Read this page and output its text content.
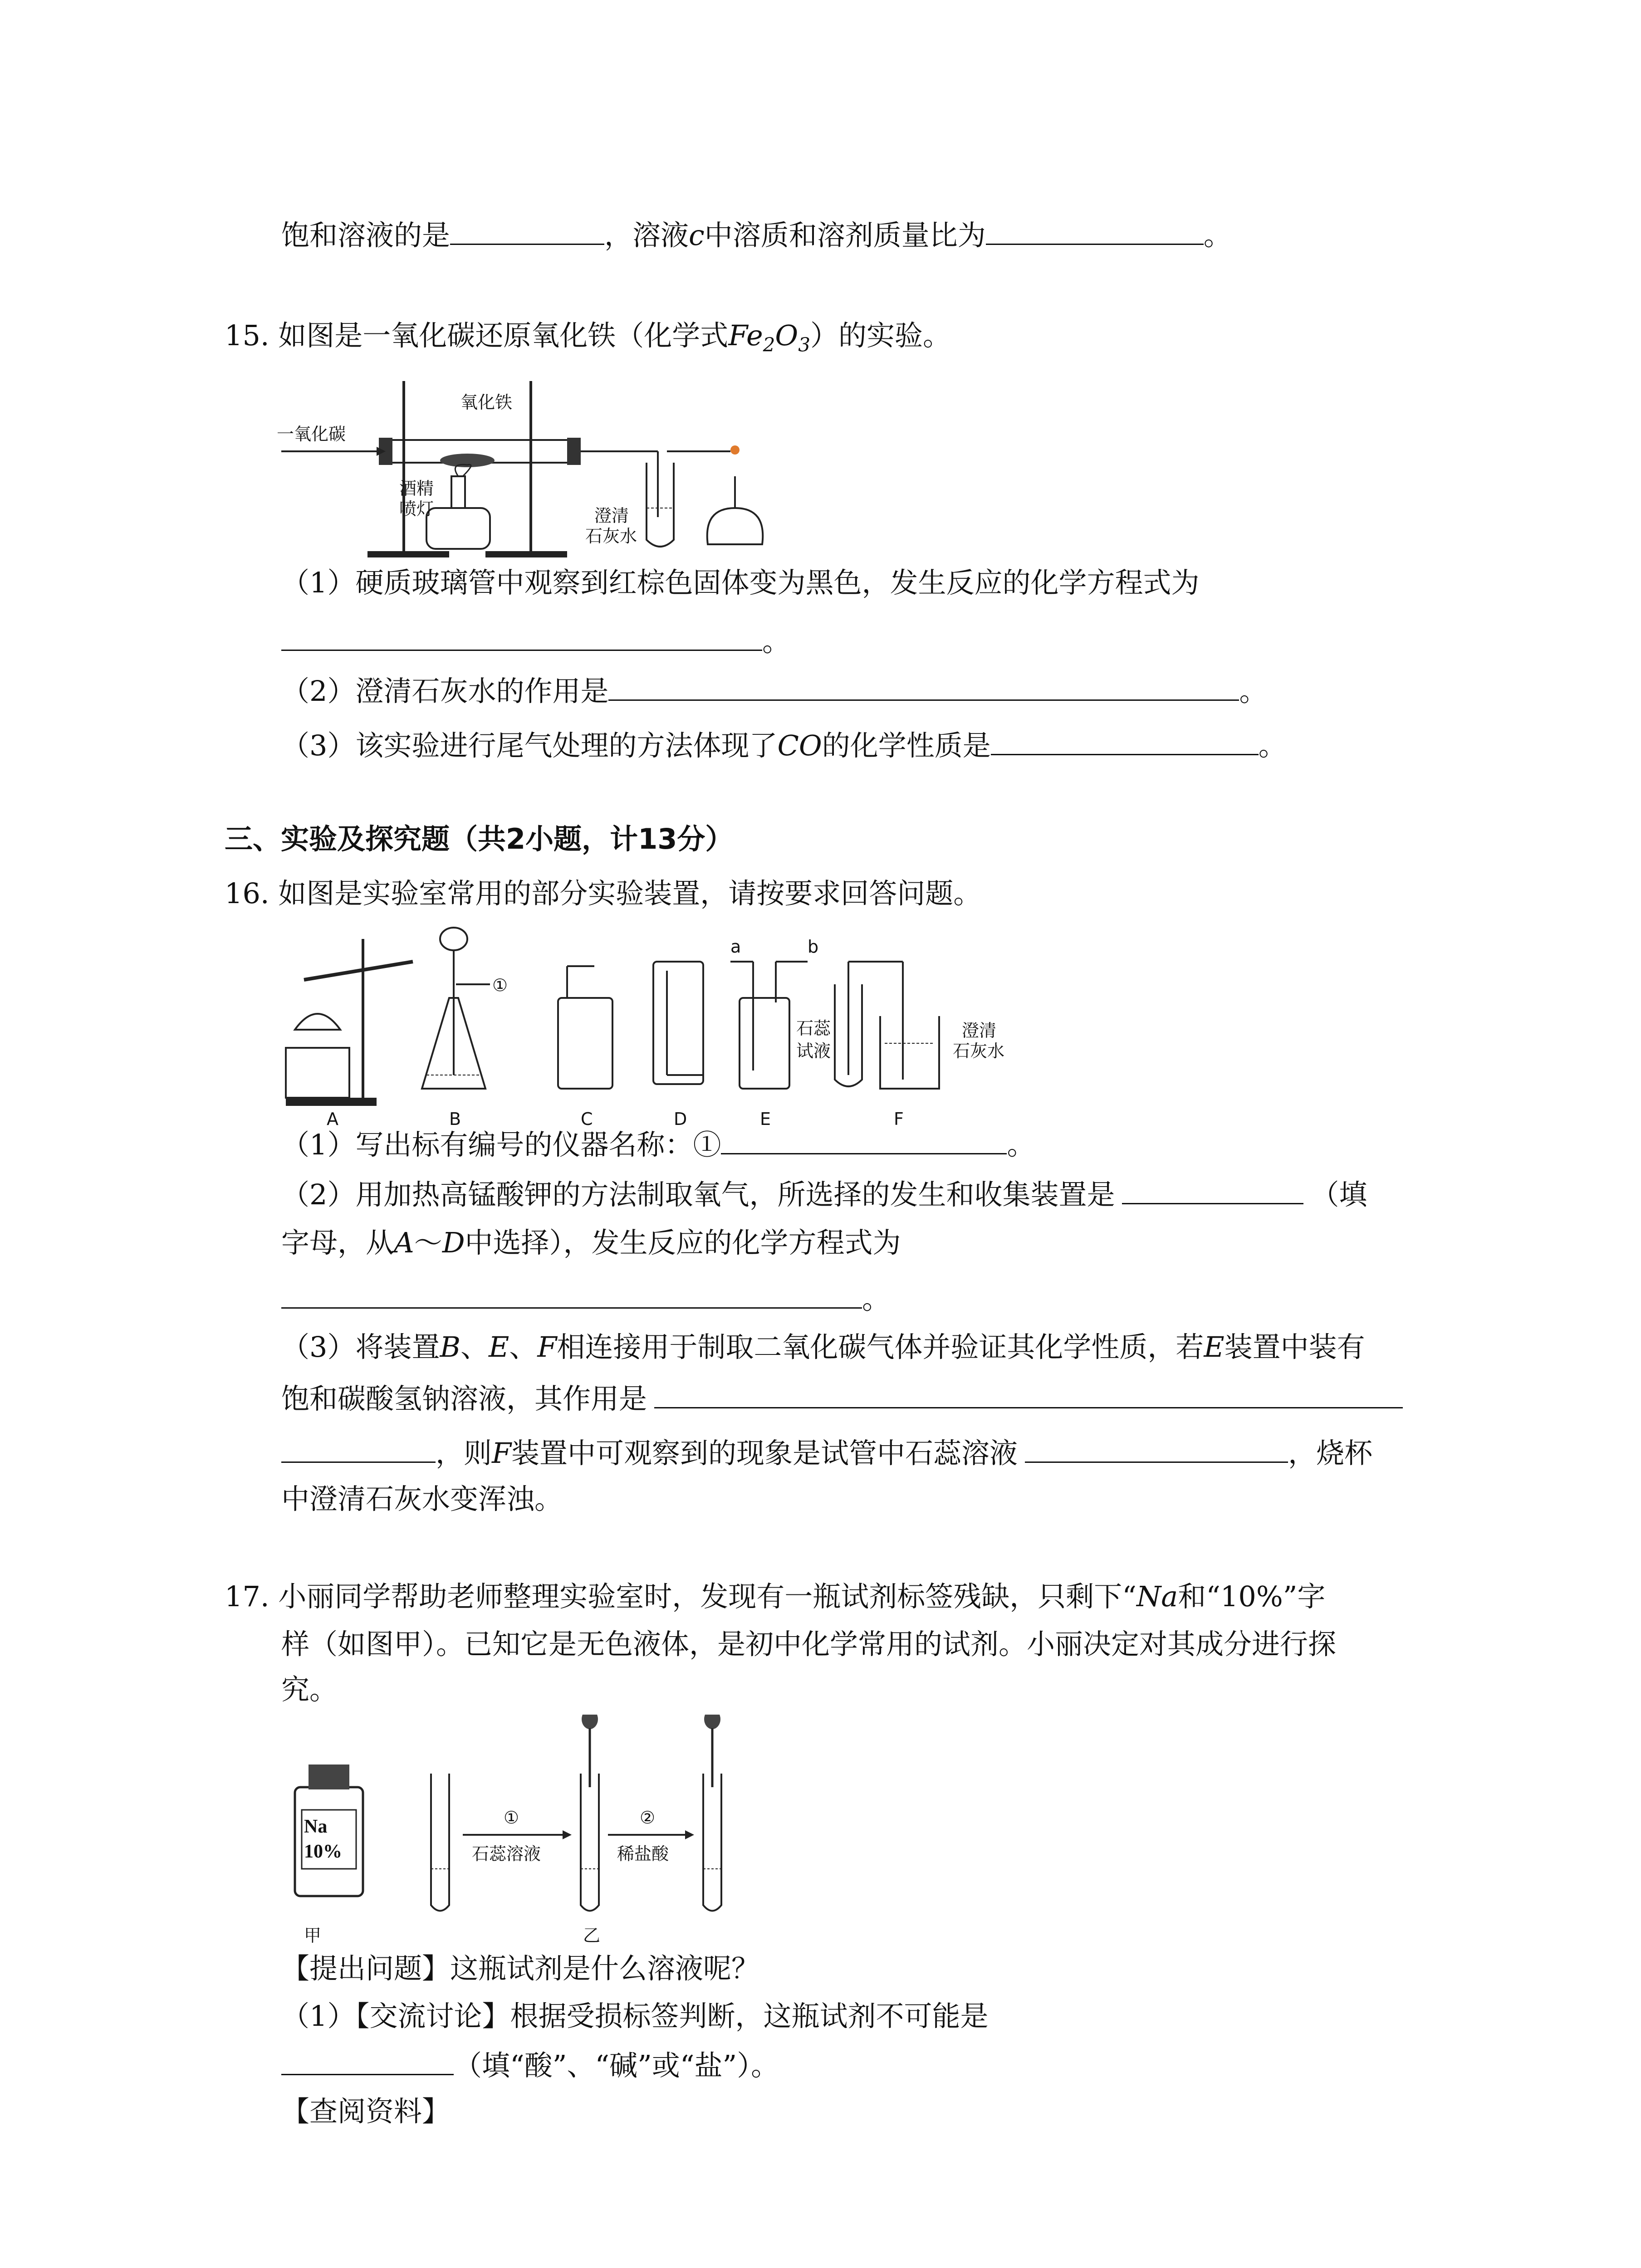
饱和溶液的是	，溶液c中溶质和溶剂质量比为	。
15. 如图是一氧化碳还原氧化铁（化学式$Fe_2O_3$）的实验。
一氧化碳
氧化铁
酒精
喷灯	澄清
石灰水
（1）硬质玻璃管中观察到红棕色固体变为黑色，发生反应的化学方程式为
。
（2）澄清石灰水的作用是	。
（3）该实验进行尾气处理的方法体现了CO的化学性质是	。
三、实验及探究题（共2小题，计13分）
16. 如图是实验室常用的部分实验装置，请按要求回答问题。
A	B	C	D	E	F
①
a	b
石蕊
试液
澄清
石灰水
（1）写出标有编号的仪器名称：①	。
（2）用加热高锰酸钾的方法制取氧气，所选择的发生和收集装置是	（填
字母，从A～D中选择），发生反应的化学方程式为
。
（3）将装置B、E、F相连接用于制取二氧化碳气体并验证其化学性质，若E装置中装有
饱和碳酸氢钠溶液，其作用是
，则F装置中可观察到的现象是试管中石蕊溶液	，烧杯
中澄清石灰水变浑浊。
17. 小丽同学帮助老师整理实验室时，发现有一瓶试剂标签残缺，只剩下“Na和“10%”字
样（如图甲）。已知它是无色液体，是初中化学常用的试剂。小丽决定对其成分进行探
究。
Na
10%
甲
①
石蕊溶液
乙
②
稀盐酸
【提出问题】这瓶试剂是什么溶液呢？
（1）【交流讨论】根据受损标签判断，这瓶试剂不可能是
（填“酸”、“碱”或“盐”）。
【查阅资料】
